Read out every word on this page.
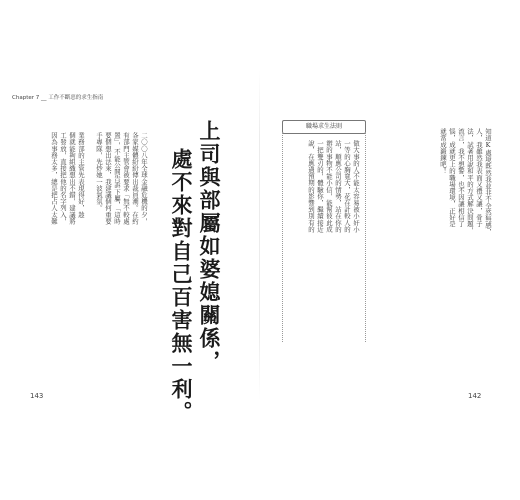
Chapter 7 __ 工作不斷惡的求生指南
上司與部屬如婆媳關係，
處不來對自己百害無一利。
二〇〇八年全球金融危機的夕，
各家媒體紛紛傳出裁員潮。在約
有部門主管會被要求「無不較處
置」，不能公開告訴下屬，「這時
要個想出法來，我建議個何重要
手專隊，先炒她一波氣氛。
業務部的主管先表現得好，趁
個就能夠組織想出不錯，建議將
工發放，直接把他的名字列入，
因為事務太多，總是把占人太難
143
知道K處境既然我並非不全然無感，
人，我雖然我表面又禮又讓，骨子
法，試著用說和平的方式解決問題，
流言，我不想警，也不因讓相信了
惱，成就更上的職場環境，正好是
就當成鍛鍊吧！
職場求生法則
做大事的人不能太容易被小奸小
一等的心胸寬大，花在計較人的
站，順應公司的情勢，站在你的
辦的事物不能小信，能幫彼此成
一把雙刃的，體驗你，繼續接近
說，在應過預期的影響到別有的
142
